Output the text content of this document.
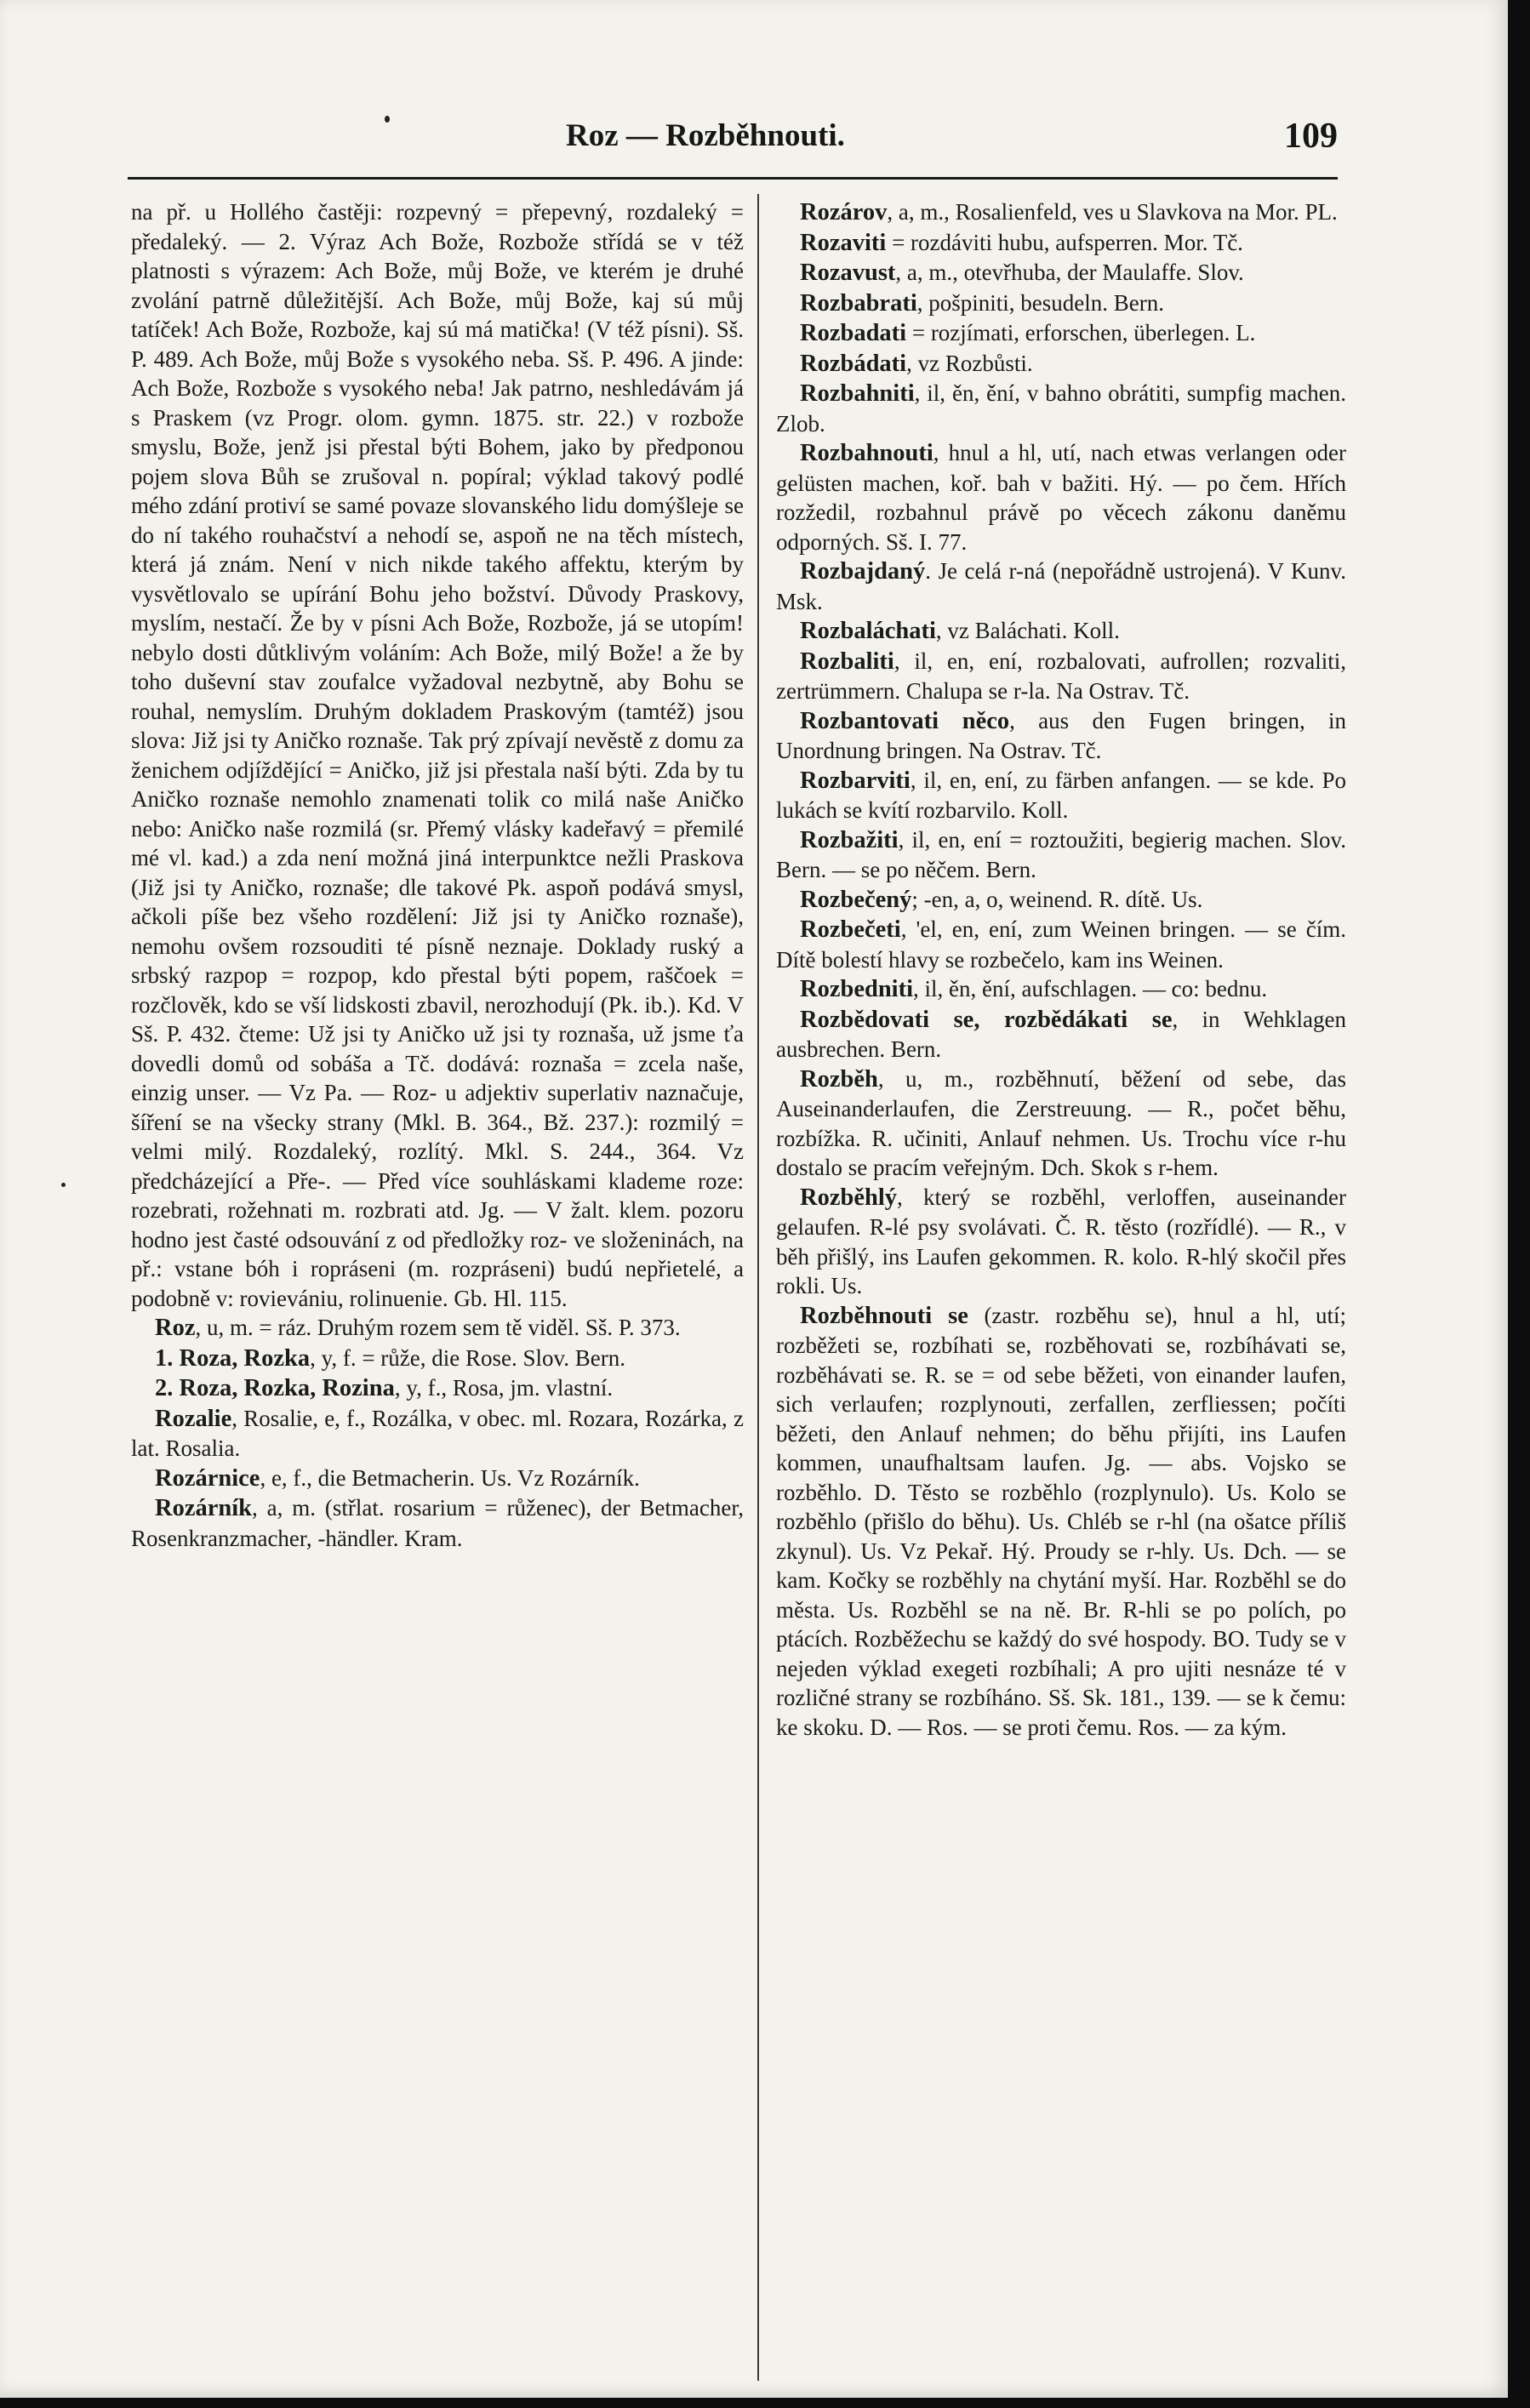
Roz — Rozběhnouti.	109

na př. u Hollého častěji: rozpevný = přepevný, rozdaleký = předaleký. — 2. Výraz Ach Bože, Rozbože střídá se v též platnosti s výrazem: Ach Bože, můj Bože, ve kterém je druhé zvolání patrně důležitější. Ach Bože, můj Bože, kaj sú můj tatíček! Ach Bože, Rozbože, kaj sú má matička! (V též písni). Sš. P. 489. Ach Bože, můj Bože s vysokého neba. Sš. P. 496. A jinde: Ach Bože, Rozbože s vysokého neba! Jak patrno, neshledávám já s Praskem (vz Progr. olom. gymn. 1875. str. 22.) v rozbože smyslu, Bože, jenž jsi přestal býti Bohem, jako by předponou pojem slova Bůh se zrušoval n. popíral; výklad takový podlé mého zdání protiví se samé povaze slovanského lidu domýšleje se do ní takého rouhačství a nehodí se, aspoň ne na těch místech, která já znám. Není v nich nikde takého affektu, kterým by vysvětlovalo se upírání Bohu jeho božství. Důvody Praskovy, myslím, nestačí. Že by v písni Ach Bože, Rozbože, já se utopím! nebylo dosti důtklivým voláním: Ach Bože, milý Bože! a že by toho duševní stav zoufalce vyžadoval nezbytně, aby Bohu se rouhal, nemyslím. Druhým dokladem Praskovým (tamtéž) jsou slova: Již jsi ty Aničko roznaše. Tak prý zpívají nevěstě z domu za ženichem odjíždějící = Aničko, již jsi přestala naší býti. Zda by tu Aničko roznaše nemohlo znamenati tolik co milá naše Aničko nebo: Aničko naše rozmilá (sr. Přemý vlásky kadeřavý = přemilé mé vl. kad.) a zda není možná jiná interpunktce nežli Praskova (Již jsi ty Aničko, roznaše; dle takové Pk. aspoň podává smysl, ačkoli píše bez všeho rozdělení: Již jsi ty Aničko roznaše), nemohu ovšem rozsouditi té písně neznaje. Doklady ruský a srbský razpop = rozpop, kdo přestal býti popem, raščoek = rozčlověk, kdo se vší lidskosti zbavil, nerozhodují (Pk. ib.). Kd. V Sš. P. 432. čteme: Už jsi ty Aničko už jsi ty roznaša, už jsme ťa dovedli domů od sobáša a Tč. dodává: roznaša = zcela naše, einzig unser. — Vz Pa. — Roz- u adjektiv superlativ naznačuje, šíření se na všecky strany (Mkl. B. 364., Bž. 237.): rozmilý = velmi milý. Rozdaleký, rozlítý. Mkl. S. 244., 364. Vz předcházející a Pře-. — Před více souhláskami klademe roze: rozebrati, rožehnati m. rozbrati atd. Jg. — V žalt. klem. pozoru hodno jest časté odsouvání z od předložky roz- ve složeninách, na př.: vstane bóh i ropráseni (m. rozpráseni) budú nepřietelé, a podobně v: rovievániu, rolinuenie. Gb. Hl. 115.

Roz, u, m. = ráz. Druhým rozem sem tě viděl. Sš. P. 373.

1. Roza, Rozka, y, f. = růže, die Rose. Slov. Bern.

2. Roza, Rozka, Rozina, y, f., Rosa, jm. vlastní.

Rozalie, Rosalie, e, f., Rozálka, v obec. ml. Rozara, Rozárka, z lat. Rosalia.

Rozárnice, e, f., die Betmacherin. Us. Vz Rozárník.

Rozárník, a, m. (střlat. rosarium = růženec), der Betmacher, Rosenkranzmacher, -händler. Kram.

Rozárov, a, m., Rosalienfeld, ves u Slavkova na Mor. PL.

Rozaviti = rozdáviti hubu, aufsperren. Mor. Tč.

Rozavust, a, m., otevřhuba, der Maulaffe. Slov.

Rozbabrati, pošpiniti, besudeln. Bern.

Rozbadati = rozjímati, erforschen, überlegen. L.

Rozbádati, vz Rozbůsti.

Rozbahniti, il, ěn, ění, v bahno obrátiti, sumpfig machen. Zlob.

Rozbahnouti, hnul a hl, utí, nach etwas verlangen oder gelüsten machen, koř. bah v bažiti. Hý. — po čem. Hřích rozžedil, rozbahnul právě po věcech zákonu daněmu odporných. Sš. I. 77.

Rozbajdaný. Je celá r-ná (nepořádně ustrojená). V Kunv. Msk.

Rozbaláchati, vz Baláchati. Koll.

Rozbaliti, il, en, ení, rozbalovati, aufrollen; rozvaliti, zertrümmern. Chalupa se r-la. Na Ostrav. Tč.

Rozbantovati něco, aus den Fugen bringen, in Unordnung bringen. Na Ostrav. Tč.

Rozbarviti, il, en, ení, zu färben anfangen. — se kde. Po lukách se kvítí rozbarvilo. Koll.

Rozbažiti, il, en, ení = roztoužiti, begierig machen. Slov. Bern. — se po něčem. Bern.

Rozbečený; -en, a, o, weinend. R. dítě. Us.

Rozbečeti, 'el, en, ení, zum Weinen bringen. — se čím. Dítě bolestí hlavy se rozbečelo, kam ins Weinen.

Rozbedniti, il, ěn, ění, aufschlagen. — co: bednu.

Rozbědovati se, rozbědákati se, in Wehklagen ausbrechen. Bern.

Rozběh, u, m., rozběhnutí, běžení od sebe, das Auseinanderlaufen, die Zerstreuung. — R., počet běhu, rozbížka. R. učiniti, Anlauf nehmen. Us. Trochu více r-hu dostalo se pracím veřejným. Dch. Skok s r-hem.

Rozběhlý, který se rozběhl, verloffen, auseinander gelaufen. R-lé psy svolávati. Č. R. těsto (rozřídlé). — R., v běh přišlý, ins Laufen gekommen. R. kolo. R-hlý skočil přes rokli. Us.

Rozběhnouti se (zastr. rozběhu se), hnul a hl, utí; rozběžeti se, rozbíhati se, rozběhovati se, rozbíhávati se, rozběhávati se. R. se = od sebe běžeti, von einander laufen, sich verlaufen; rozplynouti, zerfallen, zerfliessen; počíti běžeti, den Anlauf nehmen; do běhu přijíti, ins Laufen kommen, unaufhaltsam laufen. Jg. — abs. Vojsko se rozběhlo. D. Těsto se rozběhlo (rozplynulo). Us. Kolo se rozběhlo (přišlo do běhu). Us. Chléb se r-hl (na ošatce příliš zkynul). Us. Vz Pekař. Hý. Proudy se r-hly. Us. Dch. — se kam. Kočky se rozběhly na chytání myší. Har. Rozběhl se do města. Us. Rozběhl se na ně. Br. R-hli se po polích, po ptácích. Rozběžechu se každý do své hospody. BO. Tudy se v nejeden výklad exegeti rozbíhali; A pro ujiti nesnáze té v rozličné strany se rozbíháno. Sš. Sk. 181., 139. — se k čemu: ke skoku. D. — Ros. — se proti čemu. Ros. — za kým.
